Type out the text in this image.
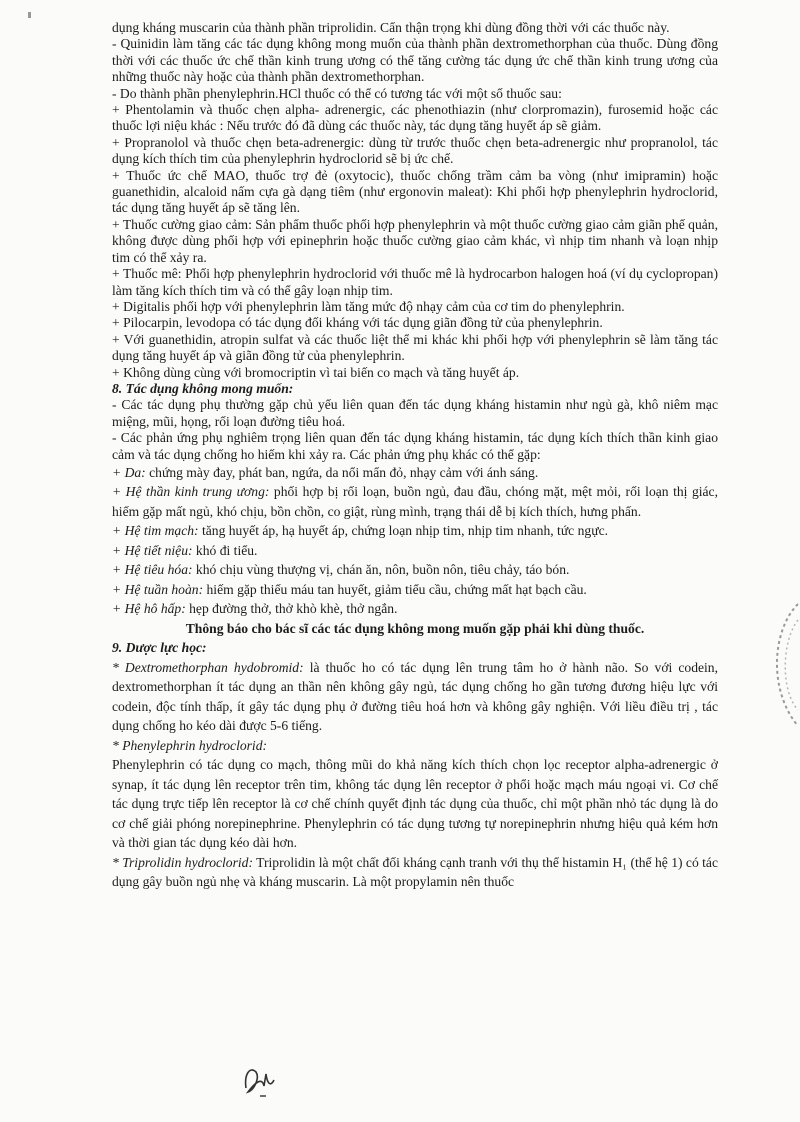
dụng kháng muscarin của thành phần triprolidin. Cẩn thận trọng khi dùng đồng thời với các thuốc này.

- Quinidin làm tăng các tác dụng không mong muốn của thành phần dextromethorphan của thuốc. Dùng đồng thời với các thuốc ức chế thần kinh trung ương có thể tăng cường tác dụng ức chế thần kinh trung ương của những thuốc này hoặc của thành phần dextromethorphan.

- Do thành phần phenylephrin.HCl thuốc có thể có tương tác với một số thuốc sau:

+ Phentolamin và thuốc chẹn alpha- adrenergic, các phenothiazin (như clorpromazin), furosemid hoặc các thuốc lợi niệu khác : Nếu trước đó đã dùng các thuốc này, tác dụng tăng huyết áp sẽ giảm.

+ Propranolol và thuốc chẹn beta-adrenergic: dùng từ trước thuốc chẹn beta-adrenergic như propranolol, tác dụng kích thích tim của phenylephrin hydroclorid sẽ bị ức chế.

+ Thuốc ức chế MAO, thuốc trợ đẻ (oxytocic), thuốc chống trầm cảm ba vòng (như imipramin) hoặc guanethidin, alcaloid nấm cựa gà dạng tiêm (như ergonovin maleat): Khi phối hợp phenylephrin hydroclorid, tác dụng tăng huyết áp sẽ tăng lên.

+ Thuốc cường giao cảm: Sản phẩm thuốc phối hợp phenylephrin và một thuốc cường giao cảm giãn phế quản, không được dùng phối hợp với epinephrin hoặc thuốc cường giao cảm khác, vì nhịp tim nhanh và loạn nhịp tim có thể xảy ra.

+ Thuốc mê: Phối hợp phenylephrin hydroclorid với thuốc mê là hydrocarbon halogen hoá (ví dụ cyclopropan) làm tăng kích thích tim và có thể gây loạn nhịp tim.

+ Digitalis phối hợp với phenylephrin làm tăng mức độ nhạy cảm của cơ tim do phenylephrin.

+ Pilocarpin, levodopa có tác dụng đối kháng với tác dụng giãn đồng tử của phenylephrin.

+ Với guanethidin, atropin sulfat và các thuốc liệt thể mi khác khi phối hợp với phenylephrin sẽ làm tăng tác dụng tăng huyết áp và giãn đồng tử của phenylephrin.

+ Không dùng cùng với bromocriptin vì tai biến co mạch và tăng huyết áp.

8. Tác dụng không mong muốn:

- Các tác dụng phụ thường gặp chủ yếu liên quan đến tác dụng kháng histamin như ngủ gà, khô niêm mạc miệng, mũi, họng, rối loạn đường tiêu hoá.

- Các phản ứng phụ nghiêm trọng liên quan đến tác dụng kháng histamin, tác dụng kích thích thần kinh giao cảm và tác dụng chống ho hiếm khi xảy ra. Các phản ứng phụ khác có thể gặp:

+ Da: chứng mày đay, phát ban, ngứa, da nổi mẩn đỏ, nhạy cảm với ánh sáng.

+ Hệ thần kinh trung ương: phối hợp bị rối loạn, buồn ngủ, đau đầu, chóng mặt, mệt mỏi, rối loạn thị giác, hiếm gặp mất ngủ, khó chịu, bồn chồn, co giật, rùng mình, trạng thái dễ bị kích thích, hưng phấn.

+ Hệ tim mạch: tăng huyết áp, hạ huyết áp, chứng loạn nhịp tim, nhịp tim nhanh, tức ngực.

+ Hệ tiết niệu: khó đi tiểu.

+ Hệ tiêu hóa: khó chịu vùng thượng vị, chán ăn, nôn, buồn nôn, tiêu chảy, táo bón.

+ Hệ tuần hoàn: hiếm gặp thiếu máu tan huyết, giảm tiểu cầu, chứng mất hạt bạch cầu.

+ Hệ hô hấp: hẹp đường thở, thở khò khè, thở ngắn.

Thông báo cho bác sĩ các tác dụng không mong muốn gặp phải khi dùng thuốc.

9. Dược lực học:

* Dextromethorphan hydobromid: là thuốc ho có tác dụng lên trung tâm ho ở hành não. So với codein, dextromethorphan ít tác dụng an thần nên không gây ngủ, tác dụng chống ho gần tương đương hiệu lực với codein, độc tính thấp, ít gây tác dụng phụ ở đường tiêu hoá hơn và không gây nghiện. Với liều điều trị , tác dụng chống ho kéo dài được 5-6 tiếng.

* Phenylephrin hydroclorid:

Phenylephrin có tác dụng co mạch, thông mũi do khả năng kích thích chọn lọc receptor alpha-adrenergic ở synap, ít tác dụng lên receptor trên tim, không tác dụng lên receptor ở phổi hoặc mạch máu ngoại vi. Cơ chế tác dụng trực tiếp lên receptor là cơ chế chính quyết định tác dụng của thuốc, chỉ một phần nhỏ tác dụng là do cơ chế giải phóng norepinephrine. Phenylephrin có tác dụng tương tự norepinephrin nhưng hiệu quả kém hơn và thời gian tác dụng kéo dài hơn.

* Triprolidin hydroclorid: Triprolidin là một chất đối kháng cạnh tranh với thụ thể histamin H₁ (thế hệ 1) có tác dụng gây buồn ngủ nhẹ và kháng muscarin. Là một propylamin nên thuốc
